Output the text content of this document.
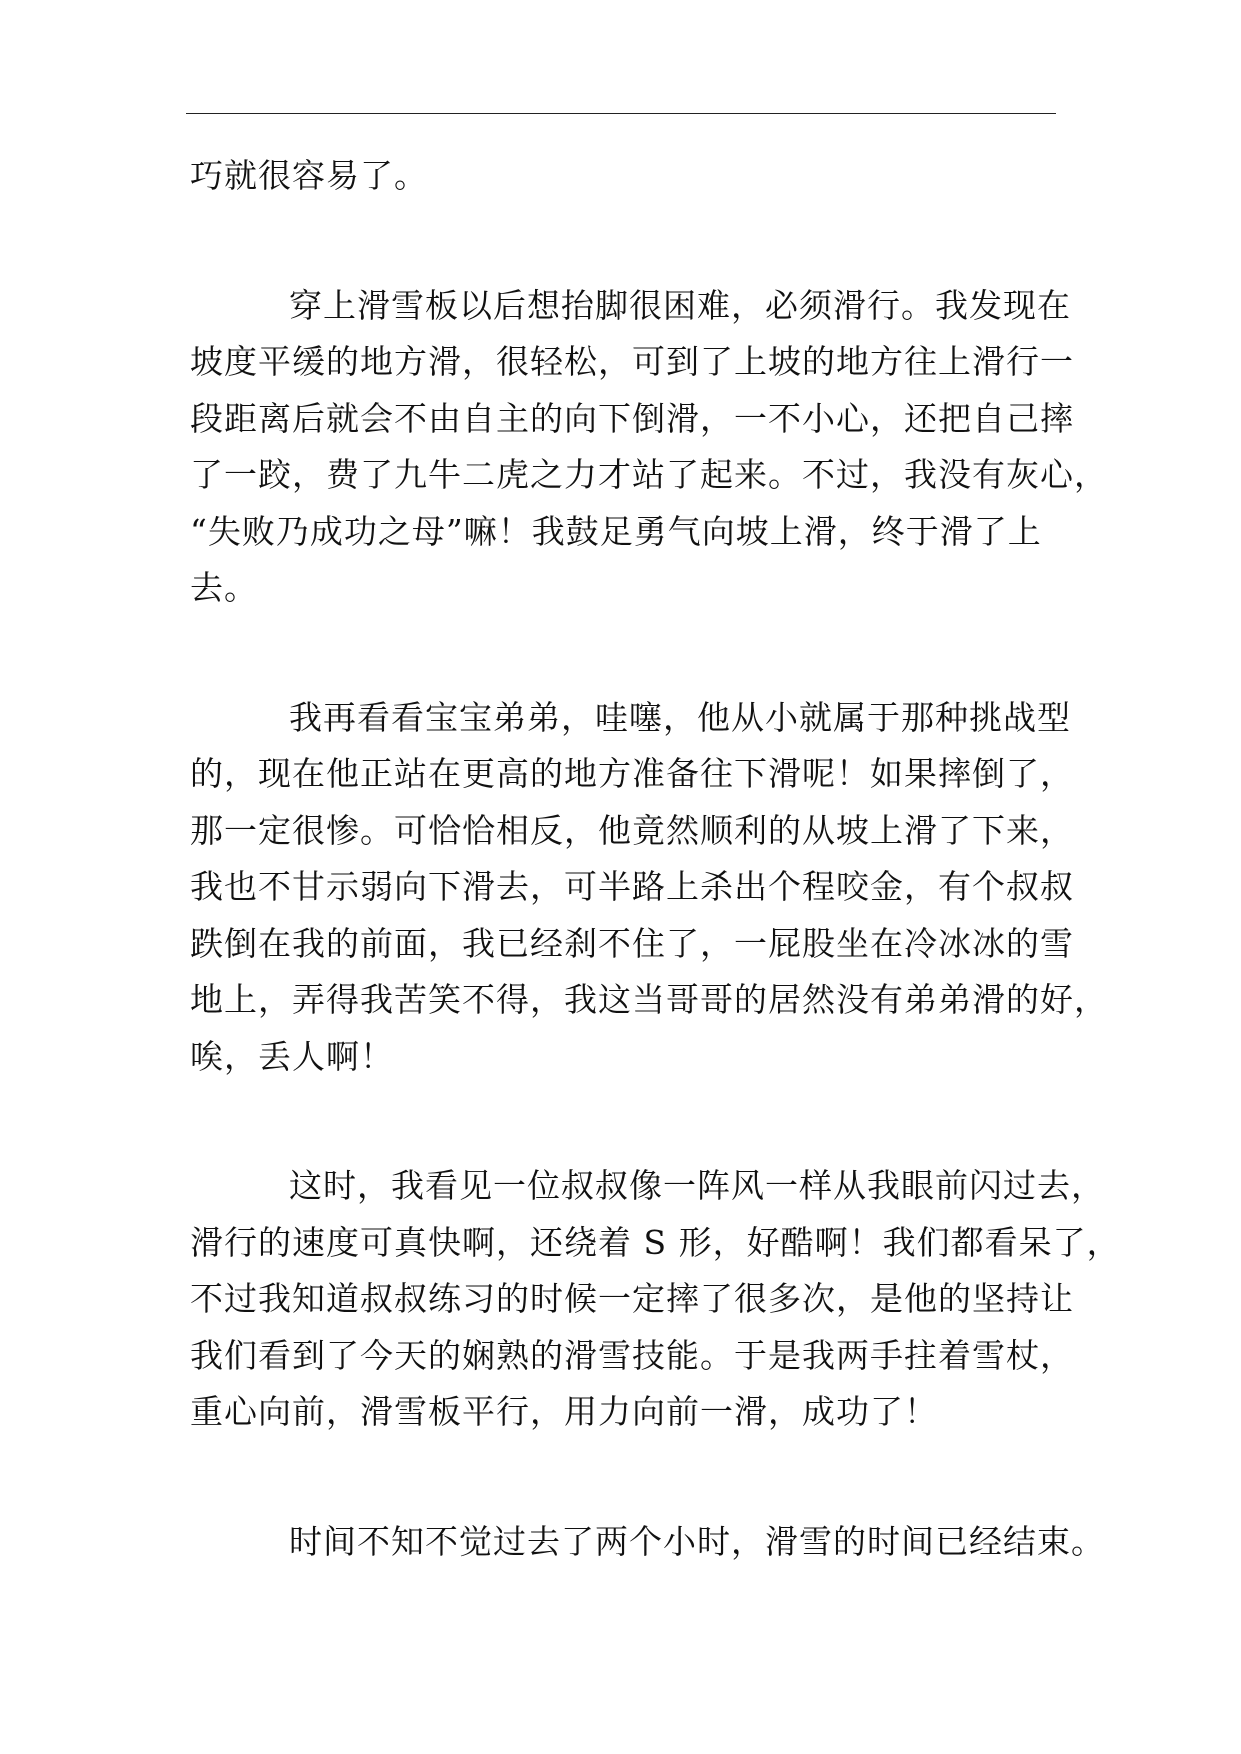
巧就很容易了。

穿上滑雪板以后想抬脚很困难，必须滑行。我发现在
坡度平缓的地方滑，很轻松，可到了上坡的地方往上滑行一
段距离后就会不由自主的向下倒滑，一不小心，还把自己摔
了一跤，费了九牛二虎之力才站了起来。不过，我没有灰心，
“失败乃成功之母”嘛！我鼓足勇气向坡上滑，终于滑了上
去。
我再看看宝宝弟弟，哇噻，他从小就属于那种挑战型
的，现在他正站在更高的地方准备往下滑呢！如果摔倒了，
那一定很惨。可恰恰相反，他竟然顺利的从坡上滑了下来，
我也不甘示弱向下滑去，可半路上杀出个程咬金，有个叔叔
跌倒在我的前面，我已经刹不住了，一屁股坐在冷冰冰的雪
地上，弄得我苦笑不得，我这当哥哥的居然没有弟弟滑的好，
唉，丢人啊！
这时，我看见一位叔叔像一阵风一样从我眼前闪过去，
滑行的速度可真快啊，还绕着 S 形，好酷啊！我们都看呆了，
不过我知道叔叔练习的时候一定摔了很多次，是他的坚持让
我们看到了今天的娴熟的滑雪技能。于是我两手拄着雪杖，
重心向前，滑雪板平行，用力向前一滑，成功了！
时间不知不觉过去了两个小时，滑雪的时间已经结束。
